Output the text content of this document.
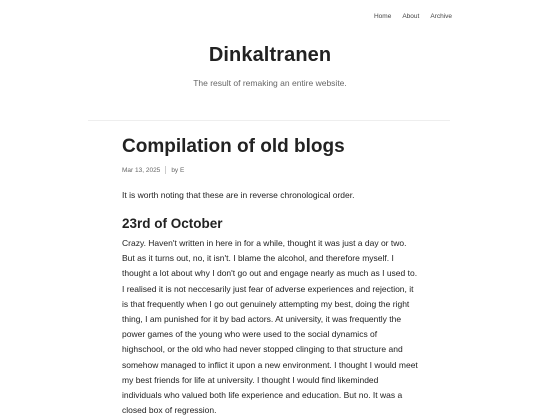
Home About Archive
Dinkaltranen
The result of remaking an entire website.
Compilation of old blogs
Mar 13, 2025 by E

It is worth noting that these are in reverse chronological order.

23rd of October
Crazy. Haven't written in here in for a while, thought it was just a day or two.
But as it turns out, no, it isn't. I blame the alcohol, and therefore myself. I
thought a lot about why I don't go out and engage nearly as much as I used to.
I realised it is not neccesarily just fear of adverse experiences and rejection, it
is that frequently when I go out genuinely attempting my best, doing the right
thing, I am punished for it by bad actors. At university, it was frequently the
power games of the young who were used to the social dynamics of
highschool, or the old who had never stopped clinging to that structure and
somehow managed to inflict it upon a new environment. I thought I would meet
my best friends for life at university. I thought I would find likeminded
individuals who valued both life experience and education. But no. It was a
closed box of regression.
